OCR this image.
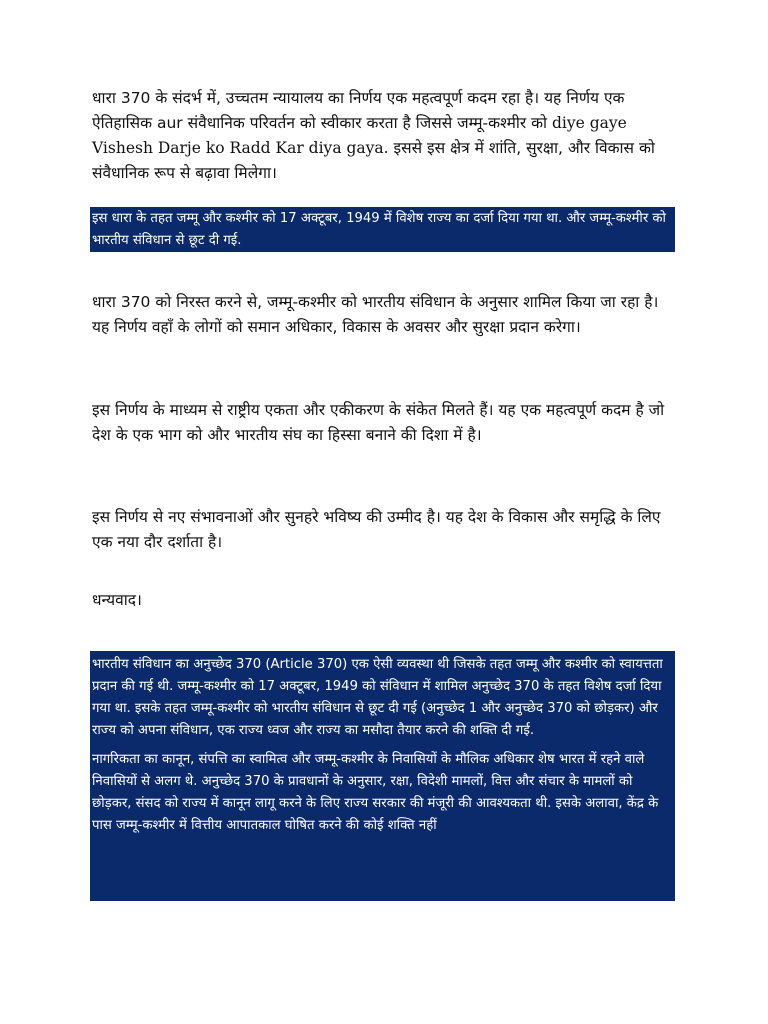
धारा 370 के संदर्भ में, उच्चतम न्यायालय का निर्णय एक महत्वपूर्ण कदम रहा है। यह निर्णय एक ऐतिहासिक aur संवैधानिक परिवर्तन को स्वीकार करता है जिससे जम्मू-कश्मीर को diye gaye Vishesh Darje ko Radd Kar diya gaya. इससे इस क्षेत्र में शांति, सुरक्षा, और विकास को संवैधानिक रूप से बढ़ावा मिलेगा।

इस धारा के तहत जम्मू और कश्मीर को 17 अक्टूबर, 1949 में विशेष राज्य का दर्जा दिया गया था. और जम्मू-कश्मीर को भारतीय संविधान से छूट दी गई.

धारा 370 को निरस्त करने से, जम्मू-कश्मीर को भारतीय संविधान के अनुसार शामिल किया जा रहा है। यह निर्णय वहाँ के लोगों को समान अधिकार, विकास के अवसर और सुरक्षा प्रदान करेगा।

इस निर्णय के माध्यम से राष्ट्रीय एकता और एकीकरण के संकेत मिलते हैं। यह एक महत्वपूर्ण कदम है जो देश के एक भाग को और भारतीय संघ का हिस्सा बनाने की दिशा में है।

इस निर्णय से नए संभावनाओं और सुनहरे भविष्य की उम्मीद है। यह देश के विकास और समृद्धि के लिए एक नया दौर दर्शाता है।

धन्यवाद।

भारतीय संविधान का अनुच्छेद 370 (Article 370) एक ऐसी व्यवस्था थी जिसके तहत जम्मू और कश्मीर को स्वायत्तता प्रदान की गई थी. जम्मू-कश्मीर को 17 अक्टूबर, 1949 को संविधान में शामिल अनुच्छेद 370 के तहत विशेष दर्जा दिया गया था. इसके तहत जम्मू-कश्मीर को भारतीय संविधान से छूट दी गई (अनुच्छेद 1 और अनुच्छेद 370 को छोड़कर) और राज्य को अपना संविधान, एक राज्य ध्वज और राज्य का मसौदा तैयार करने की शक्ति दी गई.

नागरिकता का कानून, संपत्ति का स्वामित्व और जम्मू-कश्मीर के निवासियों के मौलिक अधिकार शेष भारत में रहने वाले निवासियों से अलग थे. अनुच्छेद 370 के प्रावधानों के अनुसार, रक्षा, विदेशी मामलों, वित्त और संचार के मामलों को छोड़कर, संसद को राज्य में कानून लागू करने के लिए राज्य सरकार की मंजूरी की आवश्यकता थी. इसके अलावा, केंद्र के पास जम्मू-कश्मीर में वित्तीय आपातकाल घोषित करने की कोई शक्ति नहीं
